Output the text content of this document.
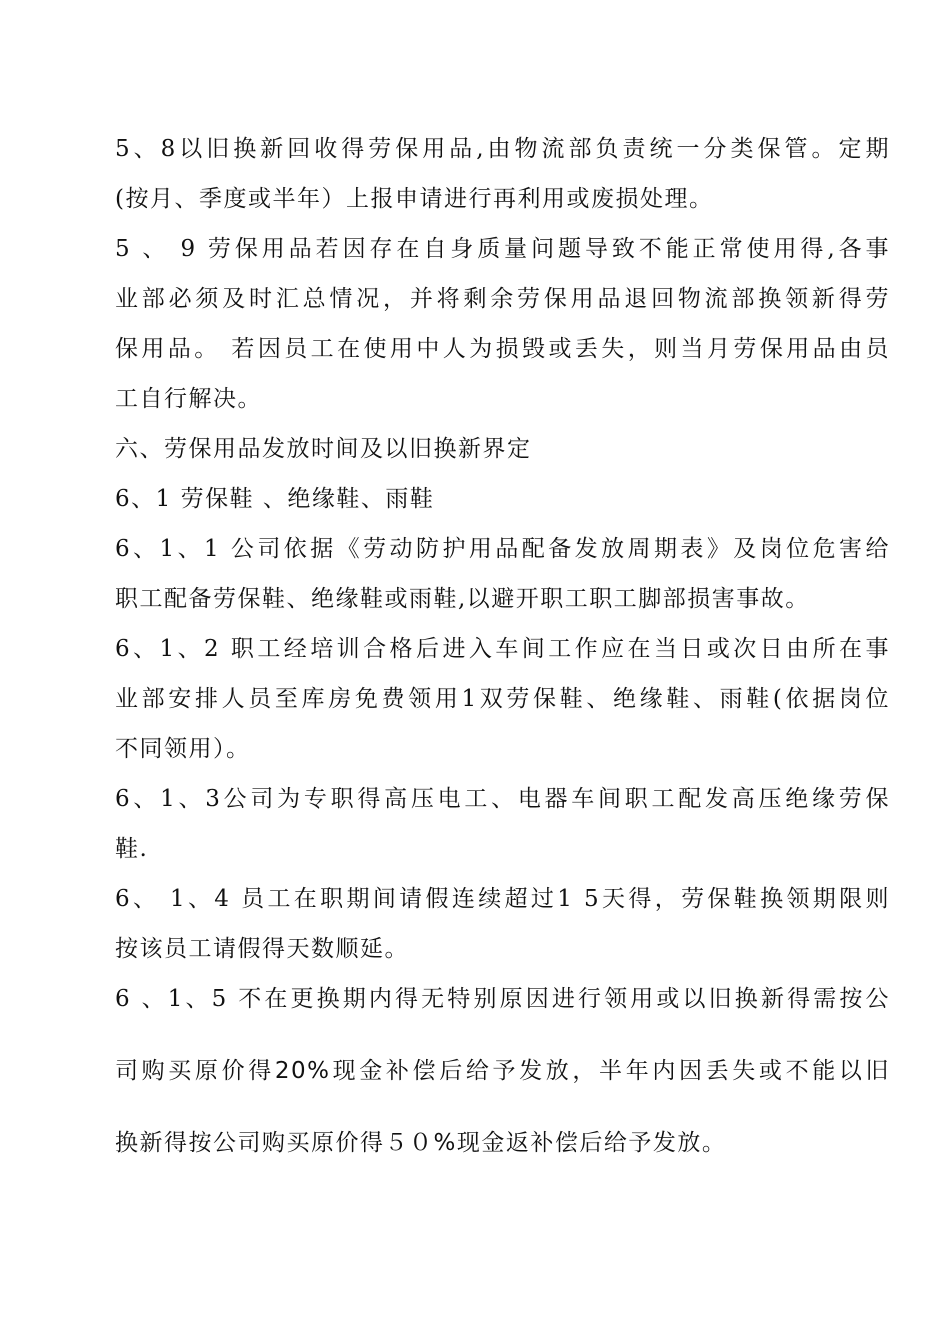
5、8以旧换新回收得劳保用品,由物流部负责统一分类保管。定期

(按月、季度或半年）上报申请进行再利用或废损处理。

5 、 9 劳保用品若因存在自身质量问题导致不能正常使用得,各事

业部必须及时汇总情况，并将剩余劳保用品退回物流部换领新得劳

保用品。 若因员工在使用中人为损毁或丢失，则当月劳保用品由员

工自行解决。

六、劳保用品发放时间及以旧换新界定

6、1 劳保鞋 、绝缘鞋、雨鞋

6、1、1 公司依据《劳动防护用品配备发放周期表》及岗位危害给

职工配备劳保鞋、绝缘鞋或雨鞋,以避开职工职工脚部损害事故。

6、1、2 职工经培训合格后进入车间工作应在当日或次日由所在事

业部安排人员至库房免费领用1双劳保鞋、绝缘鞋、雨鞋(依据岗位

不同领用）。

6、1、3公司为专职得高压电工、电器车间职工配发高压绝缘劳保

鞋.

6、 1、4 员工在职期间请假连续超过1 5天得，劳保鞋换领期限则

按该员工请假得天数顺延。

6 、1、5 不在更换期内得无特别原因进行领用或以旧换新得需按公

司购买原价得20%现金补偿后给予发放，半年内因丢失或不能以旧

换新得按公司购买原价得５０%现金返补偿后给予发放。
